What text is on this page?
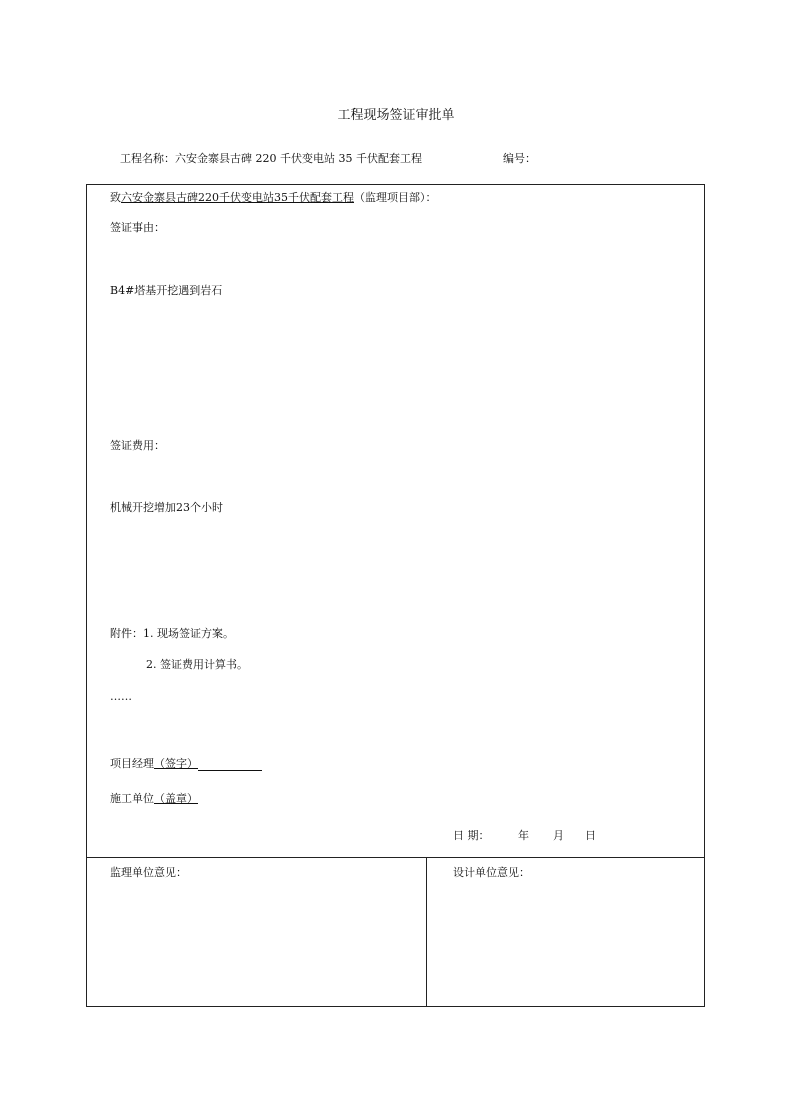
工程现场签证审批单
工程名称：六安金寨县古碑 220 千伏变电站 35 千伏配套工程	编号：
致六安金寨县古碑220千伏变电站35千伏配套工程（监理项目部）：
签证事由：
B4#塔基开挖遇到岩石
签证费用：
机械开挖增加23个小时
附件：1. 现场签证方案。
2. 签证费用计算书。
……
项目经理（签字）
施工单位（盖章）
日 期：	年 月 日
监理单位意见：	设计单位意见：
